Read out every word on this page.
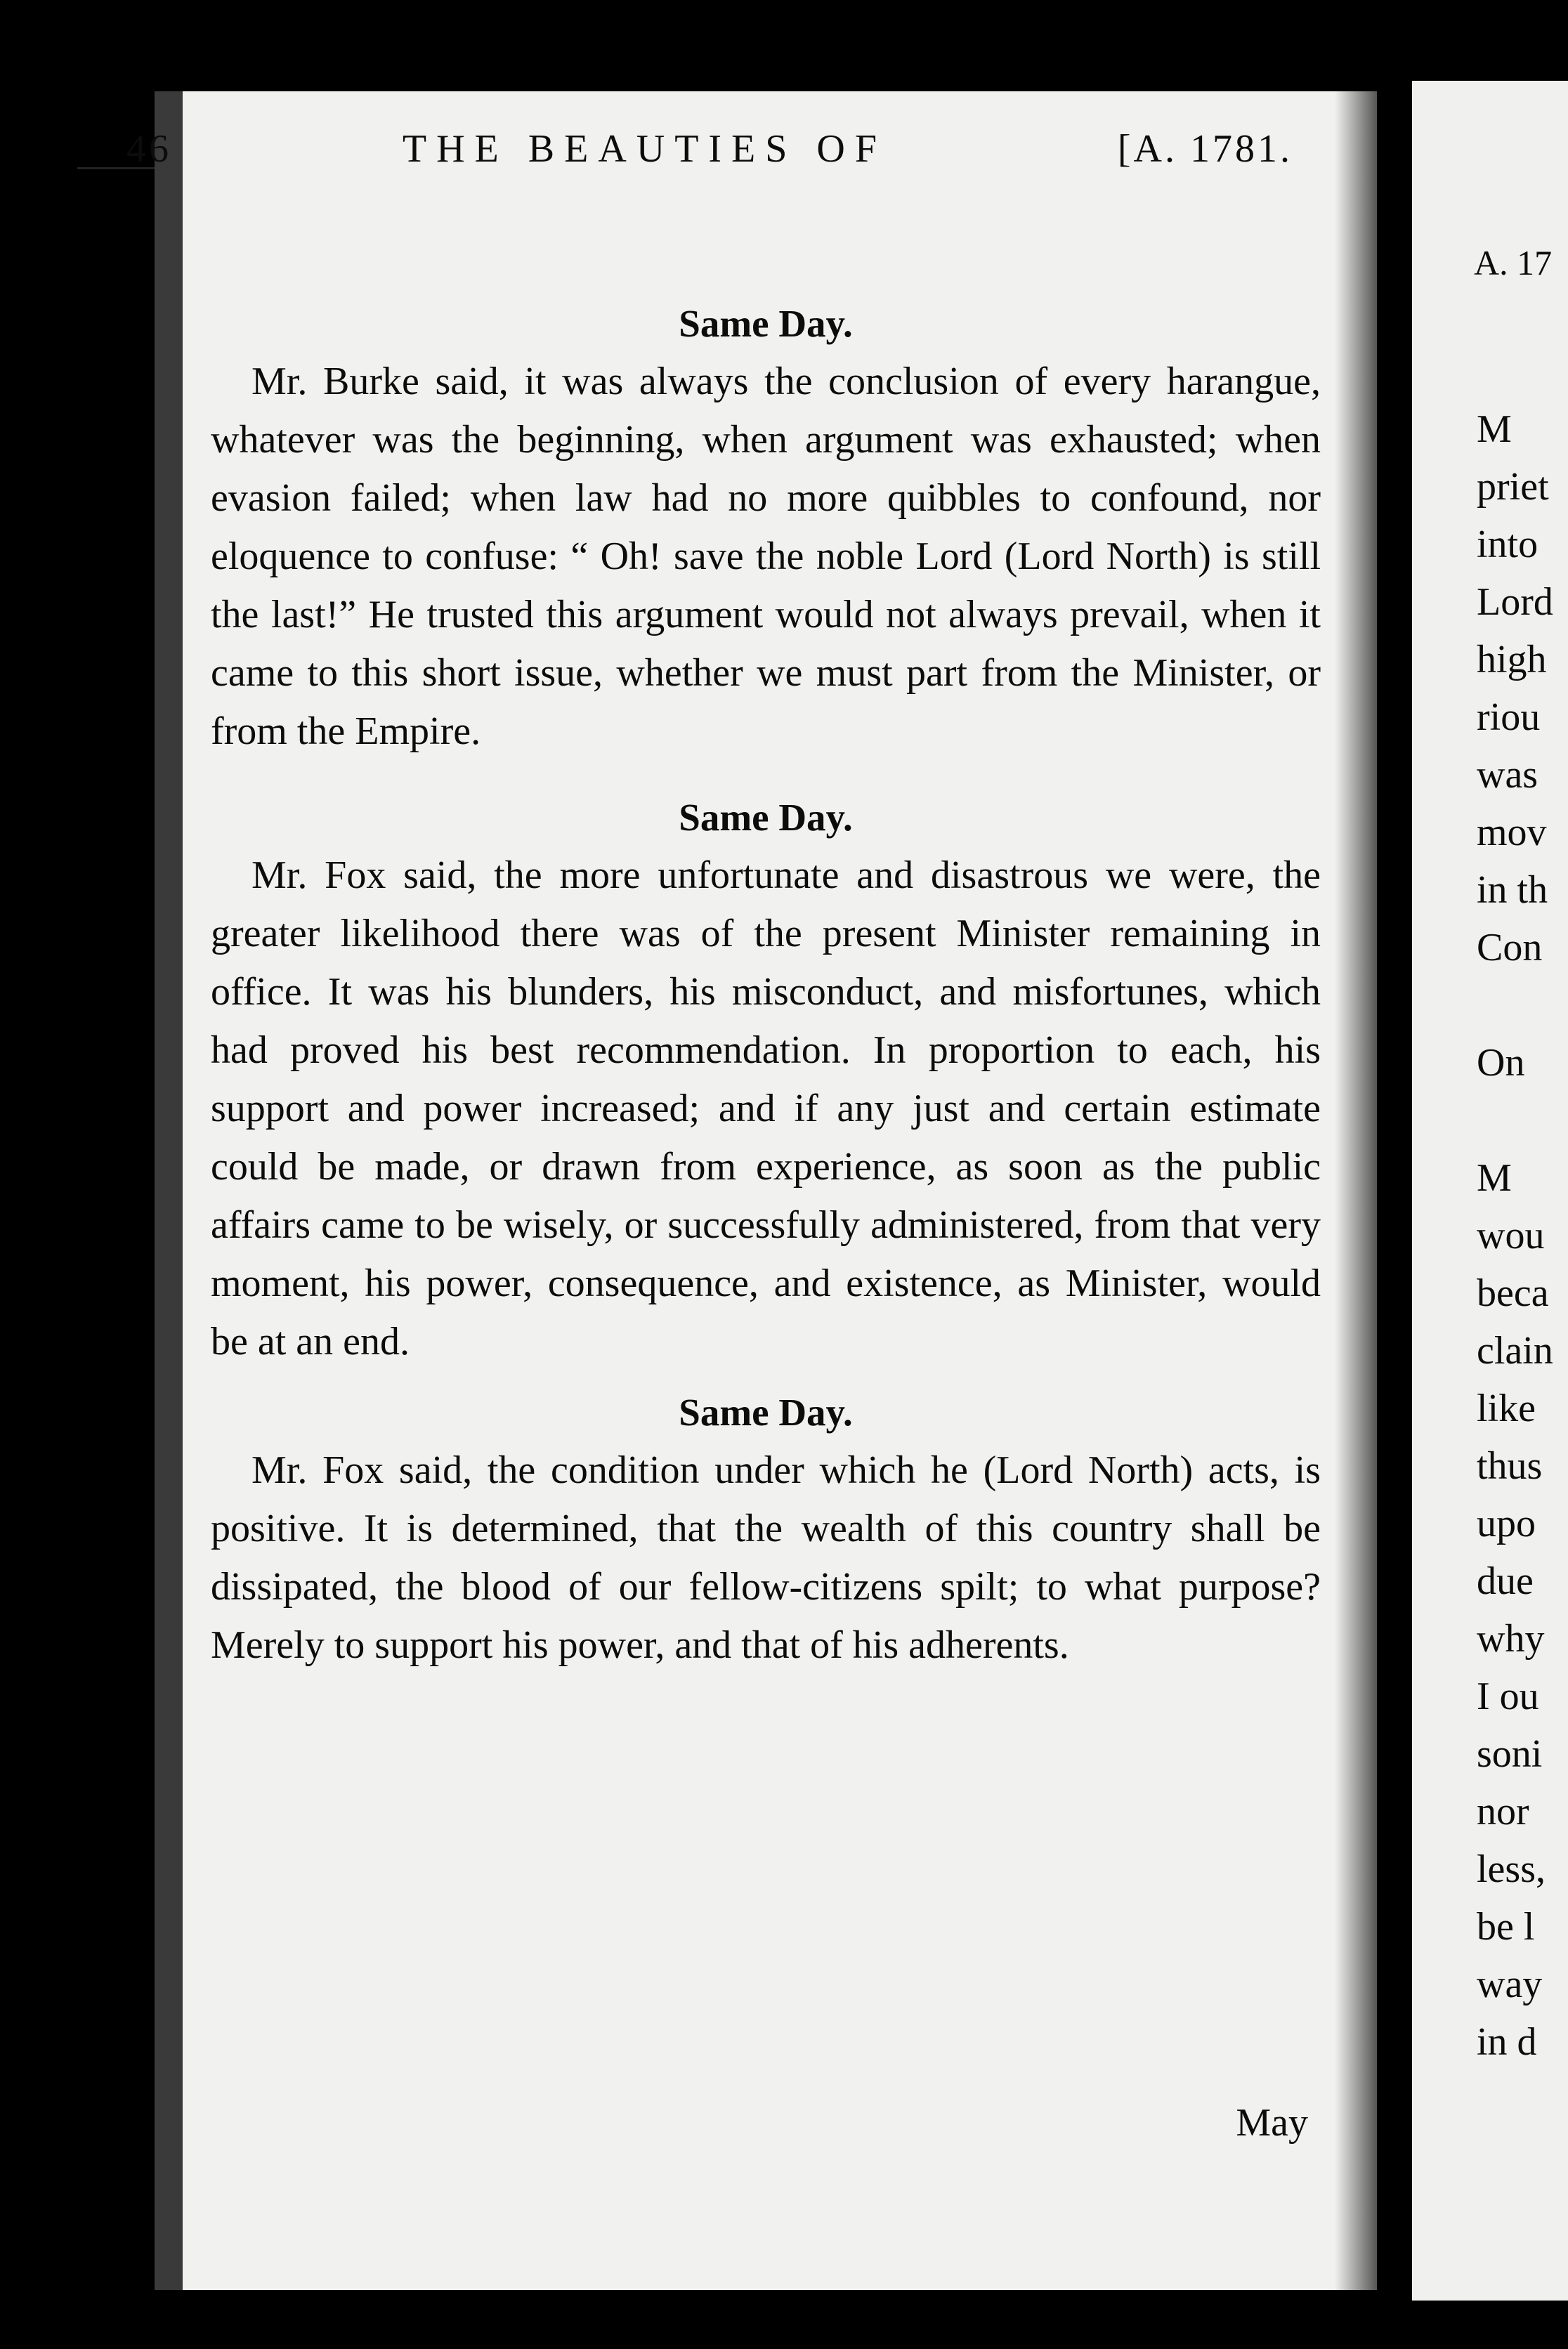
46	THE BEAUTIES OF	[A. 1781.
Same Day.

Mr. Burke said, it was always the conclusion of every harangue, whatever was the beginning, when argument was exhausted; when evasion failed; when law had no more quibbles to confound, nor eloquence to confuse: “ Oh! save the noble Lord (Lord North) is still the last!” He trusted this argument would not always prevail, when it came to this short issue, whether we must part from the Minister, or from the Empire.

Same Day.

Mr. Fox said, the more unfortunate and disastrous we were, the greater likelihood there was of the present Minister remaining in office. It was his blunders, his misconduct, and misfortunes, which had proved his best recommendation. In proportion to each, his support and power increased; and if any just and certain estimate could be made, or drawn from experience, as soon as the public affairs came to be wisely, or successfully administered, from that very moment, his power, consequence, and existence, as Minister, would be at an end.

Same Day.

Mr. Fox said, the condition under which he (Lord North) acts, is positive. It is determined, that the wealth of this country shall be dissipated, the blood of our fellow-citizens spilt; to what purpose? Merely to support his power, and that of his adherents.

May
A. 17
M
priet
into
Lord
high
riou
was
mov
in th
Con

On

M
wou
beca
clain
like
thus
upo
due
why
I ou
soni
nor
less,
be l
way
in d
